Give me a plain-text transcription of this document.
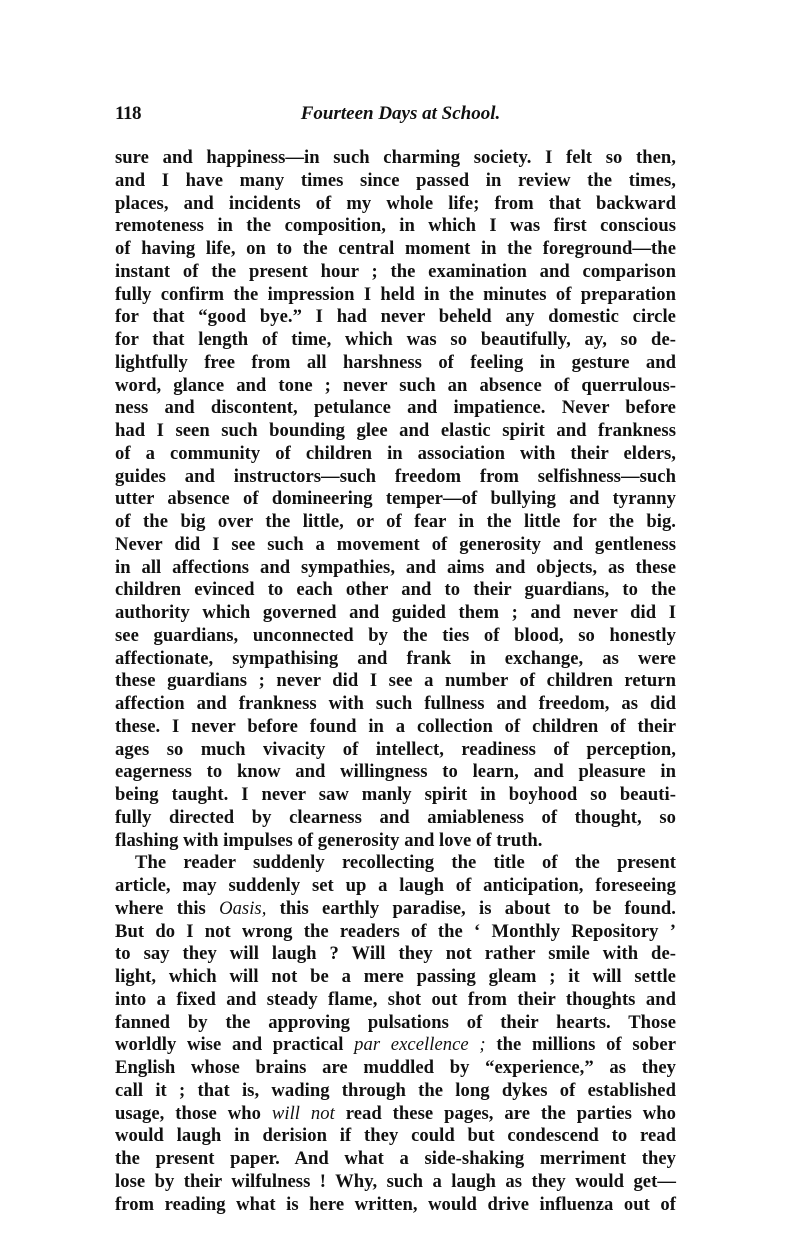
118	Fourteen Days at School.
sure and happiness—in such charming society. I felt so then,
and I have many times since passed in review the times,
places, and incidents of my whole life; from that backward
remoteness in the composition, in which I was first conscious
of having life, on to the central moment in the foreground—the
instant of the present hour ; the examination and comparison
fully confirm the impression I held in the minutes of preparation
for that “good bye.” I had never beheld any domestic circle
for that length of time, which was so beautifully, ay, so de-
lightfully free from all harshness of feeling in gesture and
word, glance and tone ; never such an absence of querrulous-
ness and discontent, petulance and impatience. Never before
had I seen such bounding glee and elastic spirit and frankness
of a community of children in association with their elders,
guides and instructors—such freedom from selfishness—such
utter absence of domineering temper—of bullying and tyranny
of the big over the little, or of fear in the little for the big.
Never did I see such a movement of generosity and gentleness
in all affections and sympathies, and aims and objects, as these
children evinced to each other and to their guardians, to the
authority which governed and guided them ; and never did I
see guardians, unconnected by the ties of blood, so honestly
affectionate, sympathising and frank in exchange, as were
these guardians ; never did I see a number of children return
affection and frankness with such fullness and freedom, as did
these. I never before found in a collection of children of their
ages so much vivacity of intellect, readiness of perception,
eagerness to know and willingness to learn, and pleasure in
being taught. I never saw manly spirit in boyhood so beauti-
fully directed by clearness and amiableness of thought, so
flashing with impulses of generosity and love of truth.
The reader suddenly recollecting the title of the present
article, may suddenly set up a laugh of anticipation, foreseeing
where this Oasis, this earthly paradise, is about to be found.
But do I not wrong the readers of the ‘ Monthly Repository ’
to say they will laugh ? Will they not rather smile with de-
light, which will not be a mere passing gleam ; it will settle
into a fixed and steady flame, shot out from their thoughts and
fanned by the approving pulsations of their hearts. Those
worldly wise and practical par excellence ; the millions of sober
English whose brains are muddled by “experience,” as they
call it ; that is, wading through the long dykes of established
usage, those who will not read these pages, are the parties who
would laugh in derision if they could but condescend to read
the present paper. And what a side-shaking merriment they
lose by their wilfulness ! Why, such a laugh as they would get—
from reading what is here written, would drive influenza out of
